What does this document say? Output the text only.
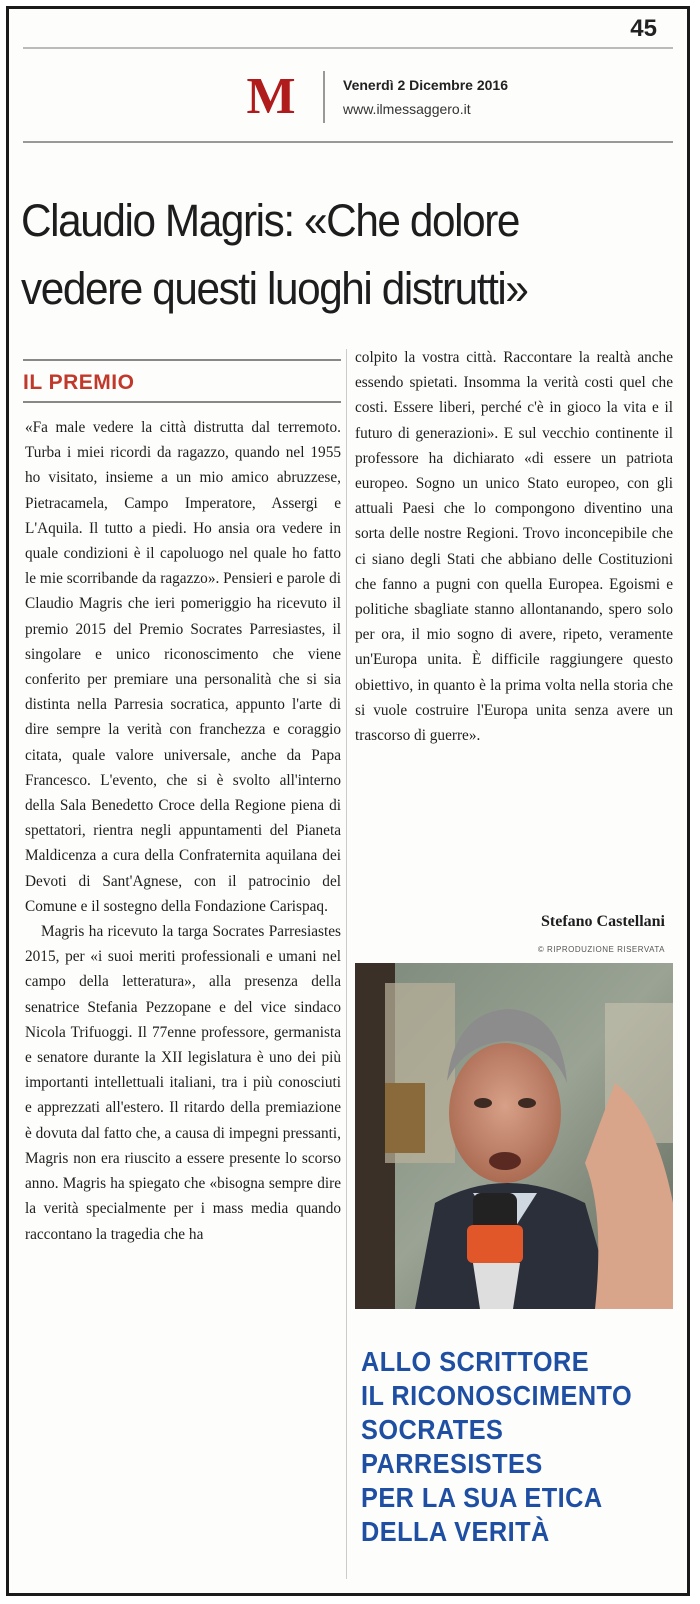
45
M	Venerdì 2 Dicembre 2016
www.ilmessaggero.it
Claudio Magris: «Che dolore
vedere questi luoghi distrutti»
IL PREMIO

«Fa male vedere la città distrutta dal terremoto. Turba i miei ricordi da ragazzo, quando nel 1955 ho visitato, insieme a un mio amico abruzzese, Pietracamela, Campo Imperatore, Assergi e L'Aquila. Il tutto a piedi. Ho ansia ora vedere in quale condizioni è il capoluogo nel quale ho fatto le mie scorribande da ragazzo». Pensieri e parole di Claudio Magris che ieri pomeriggio ha ricevuto il premio 2015 del Premio Socrates Parresiastes, il singolare e unico riconoscimento che viene conferito per premiare una personalità che si sia distinta nella Parresia socratica, appunto l'arte di dire sempre la verità con franchezza e coraggio citata, quale valore universale, anche da Papa Francesco. L'evento, che si è svolto all'interno della Sala Benedetto Croce della Regione piena di spettatori, rientra negli appuntamenti del Pianeta Maldicenza a cura della Confraternita aquilana dei Devoti di Sant'Agnese, con il patrocinio del Comune e il sostegno della Fondazione Carispaq.

Magris ha ricevuto la targa Socrates Parresiastes 2015, per «i suoi meriti professionali e umani nel campo della letteratura», alla presenza della senatrice Stefania Pezzopane e del vice sindaco Nicola Trifuoggi. Il 77enne professore, germanista e senatore durante la XII legislatura è uno dei più importanti intellettuali italiani, tra i più conosciuti e apprezzati all'estero. Il ritardo della premiazione è dovuta dal fatto che, a causa di impegni pressanti, Magris non era riuscito a essere presente lo scorso anno. Magris ha spiegato che «bisogna sempre dire la verità specialmente per i mass media quando raccontano la tragedia che ha

colpito la vostra città. Raccontare la realtà anche essendo spietati. Insomma la verità costi quel che costi. Essere liberi, perché c'è in gioco la vita e il futuro di generazioni». E sul vecchio continente il professore ha dichiarato «di essere un patriota europeo. Sogno un unico Stato europeo, con gli attuali Paesi che lo compongono diventino una sorta delle nostre Regioni. Trovo inconcepibile che ci siano degli Stati che abbiano delle Costituzioni che fanno a pugni con quella Europea. Egoismi e politiche sbagliate stanno allontanando, spero solo per ora, il mio sogno di avere, ripeto, veramente un'Europa unita. È difficile raggiungere questo obiettivo, in quanto è la prima volta nella storia che si vuole costruire l'Europa unita senza avere un trascorso di guerre».

Stefano Castellani
© RIPRODUZIONE RISERVATA
ALLO SCRITTORE
IL RICONOSCIMENTO
SOCRATES
PARRESISTES
PER LA SUA ETICA
DELLA VERITÀ
